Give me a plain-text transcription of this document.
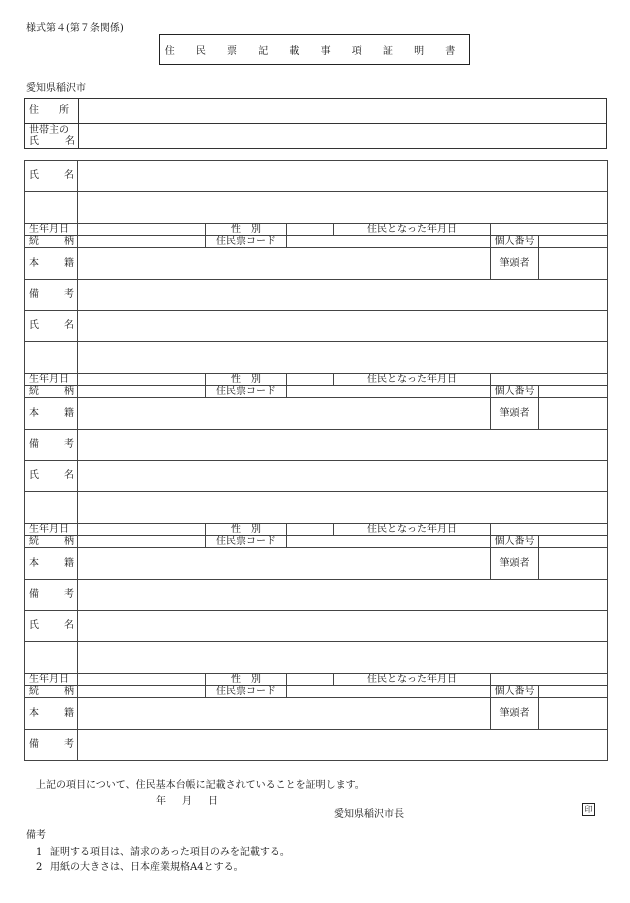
様式第４(第７条関係)
住 民 票 記 載 事 項 証 明 書
愛知県稲沢市
住　　所	

世帯主の
氏 名	

氏 名						

生年月日		性　別		住民となった年月日		

続 柄		住民票コード			個人番号	

本 籍					筆頭者	

備 考						

氏 名						

生年月日		性　別		住民となった年月日		

続 柄		住民票コード			個人番号	

本 籍					筆頭者	

備 考						

氏 名						

生年月日		性　別		住民となった年月日		

続 柄		住民票コード			個人番号	

本 籍					筆頭者	

備 考						

氏 名						

生年月日		性　別		住民となった年月日		

続 柄		住民票コード			個人番号	

本 籍					筆頭者	

備 考						

上記の項目について、住民基本台帳に記載されていることを証明します。
年 月 日
愛知県稲沢市長	印
備考
1 証明する項目は、請求のあった項目のみを記載する。
2 用紙の大きさは、日本産業規格A4とする。
